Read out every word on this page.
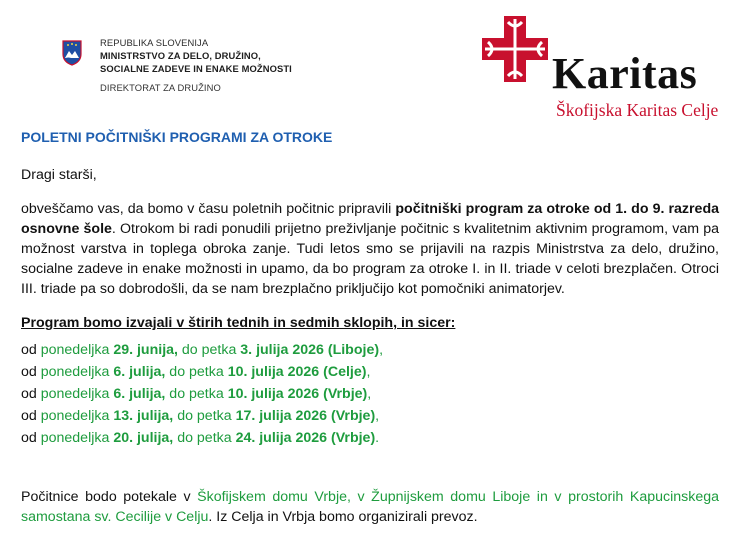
REPUBLIKA SLOVENIJA
MINISTRSTVO ZA DELO, DRUŽINO,
SOCIALNE ZADEVE IN ENAKE MOŽNOSTI
DIREKTORAT ZA DRUŽINO	Karitas
Škofijska Karitas Celje
POLETNI POČITNIŠKI PROGRAMI ZA OTROKE

Dragi starši,

obveščamo vas, da bomo v času poletnih počitnic pripravili počitniški program za otroke od 1. do 9. razreda osnovne šole. Otrokom bi radi ponudili prijetno preživljanje počitnic s kvalitetnim aktivnim programom, vam pa možnost varstva in toplega obroka zanje. Tudi letos smo se prijavili na razpis Ministrstva za delo, družino, socialne zadeve in enake možnosti in upamo, da bo program za otroke I. in II. triade v celoti brezplačen. Otroci III. triade pa so dobrodošli, da se nam brezplačno priključijo kot pomočniki animatorjev.

Program bomo izvajali v štirih tednih in sedmih sklopih, in sicer:

od ponedeljka 29. junija, do petka 3. julija 2026 (Liboje),
od ponedeljka 6. julija, do petka 10. julija 2026 (Celje),
od ponedeljka 6. julija, do petka 10. julija 2026 (Vrbje),
od ponedeljka 13. julija, do petka 17. julija 2026 (Vrbje),
od ponedeljka 20. julija, do petka 24. julija 2026 (Vrbje).

Počitnice bodo potekale v Škofijskem domu Vrbje, v Župnijskem domu Liboje in v prostorih Kapucinskega samostana sv. Cecilije v Celju. Iz Celja in Vrbja bomo organizirali prevoz.
